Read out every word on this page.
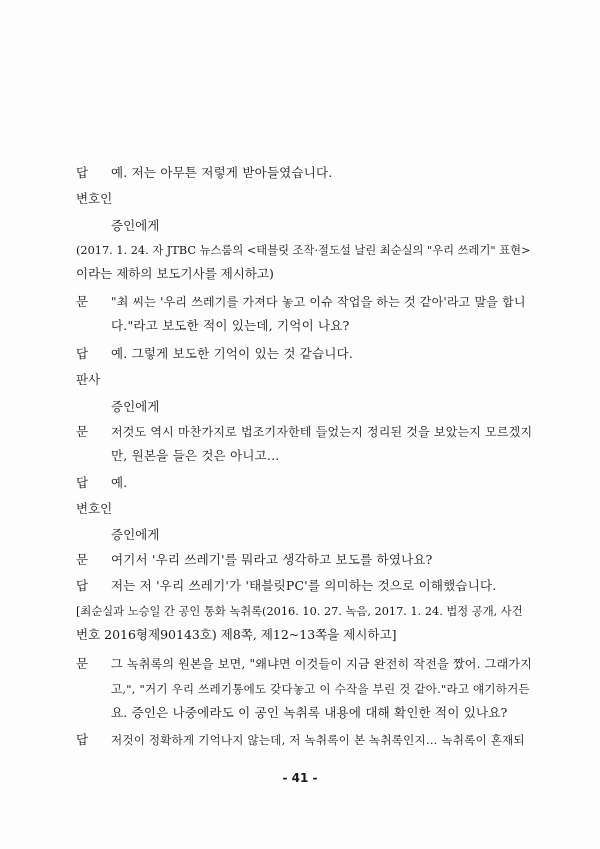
답 예. 저는 아무튼 저렇게 받아들였습니다.
변호인
증인에게
(2017. 1. 24. 자 JTBC 뉴스룸의 <태블릿 조작·절도설 날린 최순실의 "우리 쓰레기" 표현>
이라는 제하의 보도기사를 제시하고)
문 "최 씨는 '우리 쓰레기를 가져다 놓고 이슈 작업을 하는 것 같아'라고 말을 합니
다."라고 보도한 적이 있는데, 기억이 나요?
답 예. 그렇게 보도한 기억이 있는 것 같습니다.
판사
증인에게
문 저것도 역시 마찬가지로 법조기자한테 들었는지 정리된 것을 보았는지 모르겠지
만, 원본을 들은 것은 아니고…
답 예.
변호인
증인에게
문 여기서 '우리 쓰레기'를 뭐라고 생각하고 보도를 하였나요?
답 저는 저 '우리 쓰레기'가 '태블릿PC'를 의미하는 것으로 이해했습니다.
[최순실과 노승일 간 공인 통화 녹취록(2016. 10. 27. 녹음, 2017. 1. 24. 법정 공개, 사건
번호 2016형제90143호) 제8쪽, 제12~13쪽을 제시하고]
문 그 녹취록의 원본을 보면, "왜냐면 이것들이 지금 완전히 작전을 짰어. 그래가지
고,", "거기 우리 쓰레기통에도 갖다놓고 이 수작을 부린 것 같아."라고 얘기하거든
요. 증인은 나중에라도 이 공인 녹취록 내용에 대해 확인한 적이 있나요?
답 저것이 정확하게 기억나지 않는데, 저 녹취록이 본 녹취록인지… 녹취록이 혼재되
- 41 -
